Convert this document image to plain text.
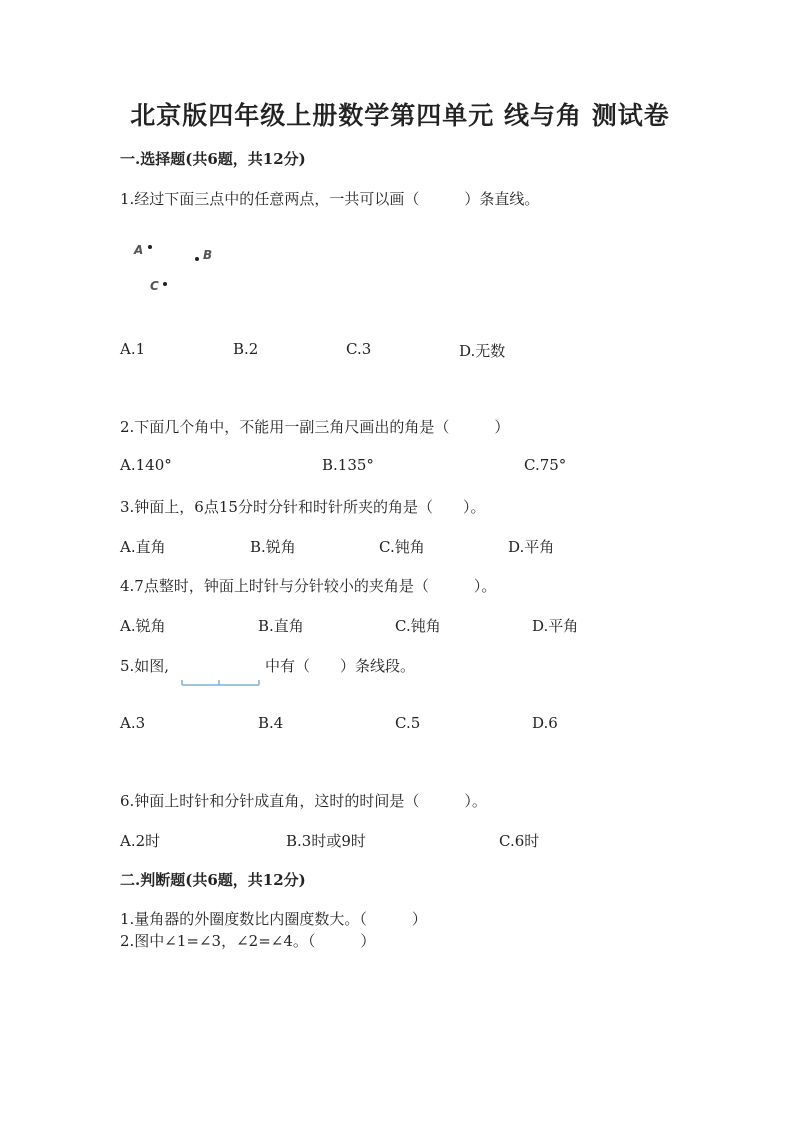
北京版四年级上册数学第四单元 线与角 测试卷
一.选择题(共6题，共12分)
1.经过下面三点中的任意两点，一共可以画（　　　）条直线。
A	B
C
A.1	B.2	C.3	D.无数
2.下面几个角中，不能用一副三角尺画出的角是（　　　）
A.140°	B.135°	C.75°
3.钟面上，6点15分时分针和时针所夹的角是（　　）。
A.直角	B.锐角	C.钝角	D.平角
4.7点整时，钟面上时针与分针较小的夹角是（　　　）。
A.锐角	B.直角	C.钝角	D.平角
5.如图,	中有（　　）条线段。
A.3	B.4	C.5	D.6
6.钟面上时针和分针成直角，这时的时间是（　　　）。
A.2时	B.3时或9时	C.6时
二.判断题(共6题，共12分)
1.量角器的外圈度数比内圈度数大。（　　　）
2.图中∠1=∠3，∠2=∠4。（　　　）
